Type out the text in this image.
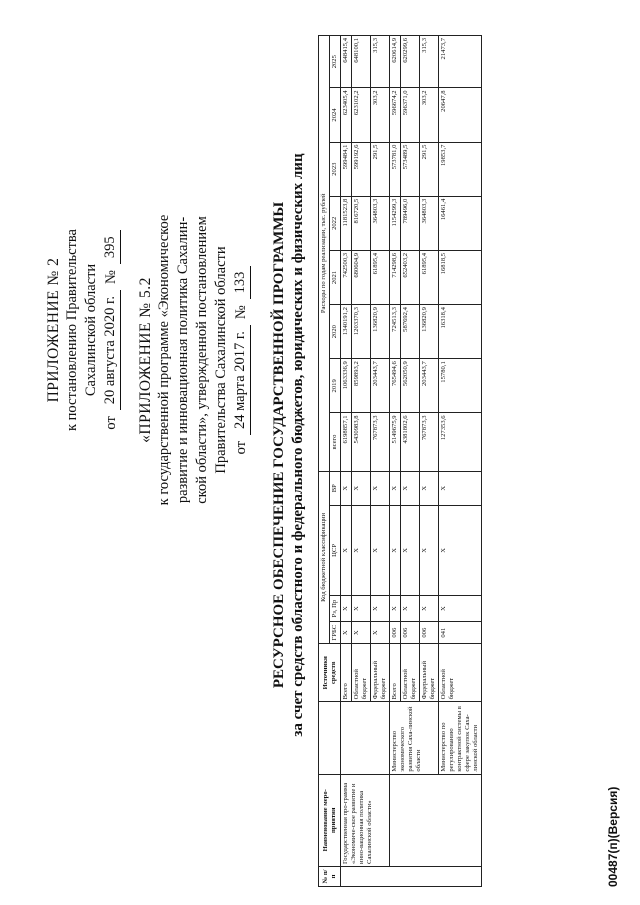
ПРИЛОЖЕНИЕ № 2 к постановлению Правительства Сахалинской области
от
20 августа 2020 г.
№
395
«ПРИЛОЖЕНИЕ № 5.2 к государственной программе «Экономическое развитие и инновационная политика Сахалин- ской области», утвержденной постановлением Правительства Сахалинской области от
24 марта 2017 г.
№
133 РЕСУРСНОЕ ОБЕСПЕЧЕНИЕ ГОСУДАРСТВЕННОЙ ПРОГРАММЫ за счет средств областного и федерального бюджетов, юридических и физических лиц
№ п/п	Наименование меро-приятия		Источники средств	Код бюджетной классификации				Расходы по годам реализации, тыс. рублей							
				ГРБС	Рз, Пр	ЦСР	ВР	всего	2019	2020	2021	2022	2023	2024	2025
	Государственная про-грамма «Экономиче-ское развитие и инно-вационная политика Сахалинской области»		Всего	Х	Х	Х	Х	6198857,1	1063336,9	1340191,2	742500,3	1181523,8	599484,1	623405,4	648415,4
			Областной бюджет	Х	Х	Х	Х	5430983,8	859893,2	1203370,3	680604,9	816720,5	599192,6	623102,2	648100,1
			Федеральный бюджет	Х	Х	Х	Х	767873,3	203443,7	136820,9	61895,4	364803,3	291,5	303,2	315,3
		Министерство экономического развития Саха-линской области	Всего	006	Х	Х	Х	5149675,9	765494,6	724513,3	714298,6	1154299,3	573781,0	596674,2	620614,9
			Областной бюджет	006	Х	Х	Х	4381802,6	562050,9	587692,4	652403,2	789496,0	573489,5	596371,0	620299,6
			Федеральный бюджет	006	Х	Х	Х	767873,3	203443,7	136820,9	61895,4	364803,3	291,5	303,2	315,3
		Министерство по регулированию контрактной системы в сфере закупок Саха-линской области	Областной бюджет	041	Х	Х	Х	127353,6	15780,1	16318,4	16818,5	16461,4	19853,7	20647,8	21473,7
00487(п)(Версия)
